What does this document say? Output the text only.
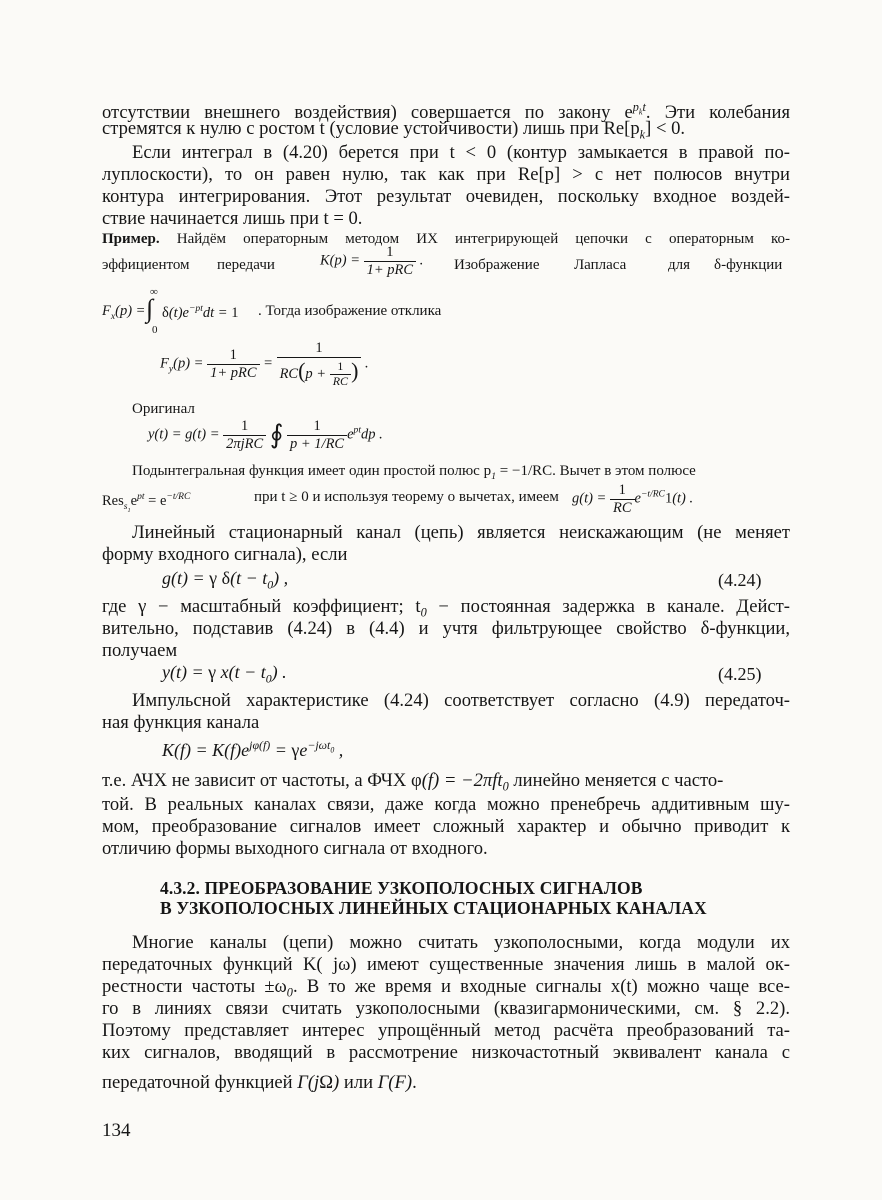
отсутствии внешнего воздействия) совершается по закону $e^{p_kt}$. Эти колебания
стремятся к нулю с ростом t (условие устойчивости) лишь при $Re[p_k] < 0$.
Если интеграл в (4.20) берется при t < 0 (контур замыкается в правой по-
луплоскости), то он равен нулю, так как при Re[p] > c нет полюсов внутри
контура интегрирования. Этот результат очевиден, поскольку входное воздей-
ствие начинается лишь при t = 0.
Пример. Найдём операторным методом ИХ интегрирующей цепочки с операторным ко-
эффициентом передачи	$K(p) = \frac{1}{\text{1+ pRC}}$ . Изображение Лапласа	для δ-функции
$F_x(p)$ =
∞
∫
0
$\delta(t)e^{-pt}dt = 1$ . Тогда изображение отклика
$F_y(p) = \frac{1}{\text{1+ pRC}} = \frac{1}{RC(p + \frac{1}{RC} )}$ .
Оригинал
$y(t) = g(t) = \frac{1}{\text{2πjRC}}$ ∮ $\frac{1}{p + 1/RC} e^{pt}dp$ .
Подынтегральная функция имеет один простой полюс $p_1 = -1/RC$. Вычет в этом полюсе
$Res_{s_1}e^{pt} = e^{-t/RC}$	при t ≥ 0 и используя теорему о вычетах, имеем $g(t) = \frac{1}{RC} e^{-t/RC}1(t)$ .
Линейный стационарный канал (цепь) является неискажающим (не меняет
форму входного сигнала), если
g(t) = γ $\delta(t - t_0)$ ,	(4.24)
где γ − масштабный коэффициент; $t_0$ − постоянная задержка в канале. Дейст-
вительно, подставив (4.24) в (4.4) и учтя фильтрующее свойство δ-функции,
получаем
y(t) = γ $x(t - t_0)$ .	(4.25)
Импульсной характеристике (4.24) соответствует согласно (4.9) передаточ-
ная функция канала
$K(f) = K(f)e^{j\varphi(f)} = \gamma e^{-j\omega t_0}$ ,
т.е. АЧХ не зависит от частоты, а ФЧХ φ(f) = −2πft$_0$ линейно меняется с часто-
той. В реальных каналах связи, даже когда можно пренебречь аддитивным шу-
мом, преобразование сигналов имеет сложный характер и обычно приводит к
отличию формы выходного сигнала от входного.
4.3.2. ПРЕОБРАЗОВАНИЕ УЗКОПОЛОСНЫХ СИГНАЛОВ
В УЗКОПОЛОСНЫХ ЛИНЕЙНЫХ СТАЦИОНАРНЫХ КАНАЛАХ
Многие каналы (цепи) можно считать узкополосными, когда модули их
передаточных функций K( jω) имеют существенные значения лишь в малой ок-
рестности частоты $\pm\omega_0$. В то же время и входные сигналы x(t) можно чаще все-
го в линиях связи считать узкополосными (квазигармоническими, см. § 2.2).
Поэтому представляет интерес упрощённый метод расчёта преобразований та-
ких сигналов, вводящий в рассмотрение низкочастотный эквивалент канала с
передаточной функцией Γ(jΩ) или Γ(F).
134
